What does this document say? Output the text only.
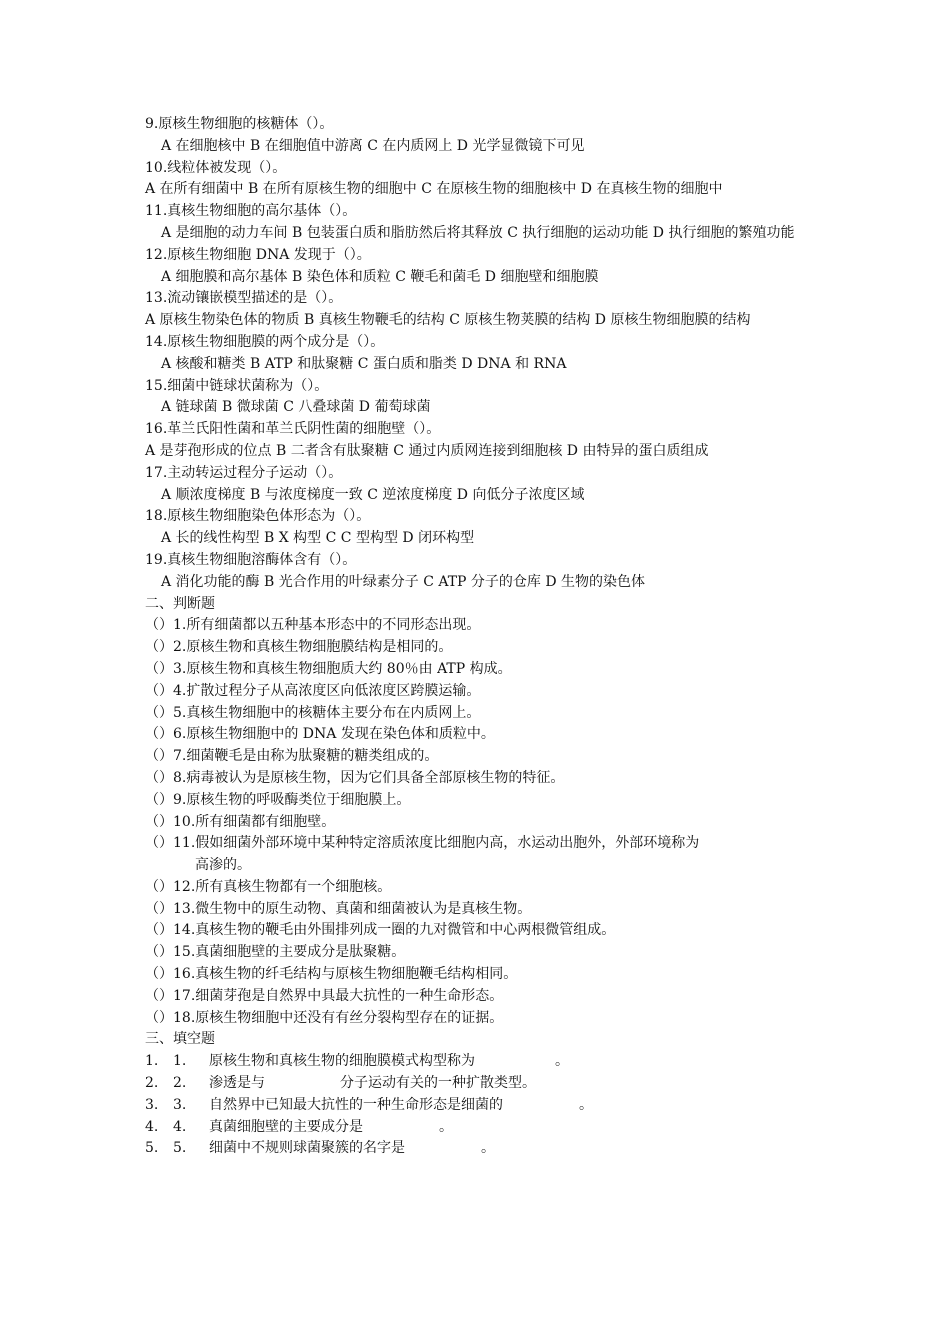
9.原核生物细胞的核糖体（）。
A 在细胞核中 B 在细胞值中游离 C 在内质网上 D 光学显微镜下可见
10.线粒体被发现（）。
A 在所有细菌中 B 在所有原核生物的细胞中 C 在原核生物的细胞核中 D 在真核生物的细胞中
11.真核生物细胞的高尔基体（）。
A 是细胞的动力车间 B 包装蛋白质和脂肪然后将其释放 C 执行细胞的运动功能 D 执行细胞的繁殖功能
12.原核生物细胞 DNA 发现于（）。
A 细胞膜和高尔基体 B 染色体和质粒 C 鞭毛和菌毛 D 细胞壁和细胞膜
13.流动镶嵌模型描述的是（）。
A 原核生物染色体的物质 B 真核生物鞭毛的结构 C 原核生物荚膜的结构 D 原核生物细胞膜的结构
14.原核生物细胞膜的两个成分是（）。
A 核酸和糖类 B ATP 和肽聚糖 C 蛋白质和脂类 D DNA 和 RNA
15.细菌中链球状菌称为（）。
A 链球菌 B 微球菌 C 八叠球菌 D 葡萄球菌
16.革兰氏阳性菌和革兰氏阴性菌的细胞壁（）。
A 是芽孢形成的位点 B 二者含有肽聚糖 C 通过内质网连接到细胞核 D 由特异的蛋白质组成
17.主动转运过程分子运动（）。
A 顺浓度梯度 B 与浓度梯度一致 C 逆浓度梯度 D 向低分子浓度区域
18.原核生物细胞染色体形态为（）。
A 长的线性构型 B X 构型 C C 型构型 D 闭环构型
19.真核生物细胞溶酶体含有（）。
A 消化功能的酶 B 光合作用的叶绿素分子 C ATP 分子的仓库 D 生物的染色体
二、判断题
（）1.所有细菌都以五种基本形态中的不同形态出现。
（）2.原核生物和真核生物细胞膜结构是相同的。
（）3.原核生物和真核生物细胞质大约 80％由 ATP 构成。
（）4.扩散过程分子从高浓度区向低浓度区跨膜运输。
（）5.真核生物细胞中的核糖体主要分布在内质网上。
（）6.原核生物细胞中的 DNA 发现在染色体和质粒中。
（）7.细菌鞭毛是由称为肽聚糖的糖类组成的。
（）8.病毒被认为是原核生物，因为它们具备全部原核生物的特征。
（）9.原核生物的呼吸酶类位于细胞膜上。
（）10.所有细菌都有细胞壁。
（）11.假如细菌外部环境中某种特定溶质浓度比细胞内高，水运动出胞外，外部环境称为
高渗的。
（）12.所有真核生物都有一个细胞核。
（）13.微生物中的原生动物、真菌和细菌被认为是真核生物。
（）14.真核生物的鞭毛由外围排列成一圈的九对微管和中心两根微管组成。
（）15.真菌细胞壁的主要成分是肽聚糖。
（）16.真核生物的纤毛结构与原核生物细胞鞭毛结构相同。
（）17.细菌芽孢是自然界中具最大抗性的一种生命形态。
（）18.原核生物细胞中还没有有丝分裂构型存在的证据。
三、填空题
1.	1.	原核生物和真核生物的细胞膜模式构型称为	。
2.	2.	渗透是与	分子运动有关的一种扩散类型。
3.	3.	自然界中已知最大抗性的一种生命形态是细菌的	。
4.	4.	真菌细胞壁的主要成分是	。
5.	5.	细菌中不规则球菌聚簇的名字是	。
